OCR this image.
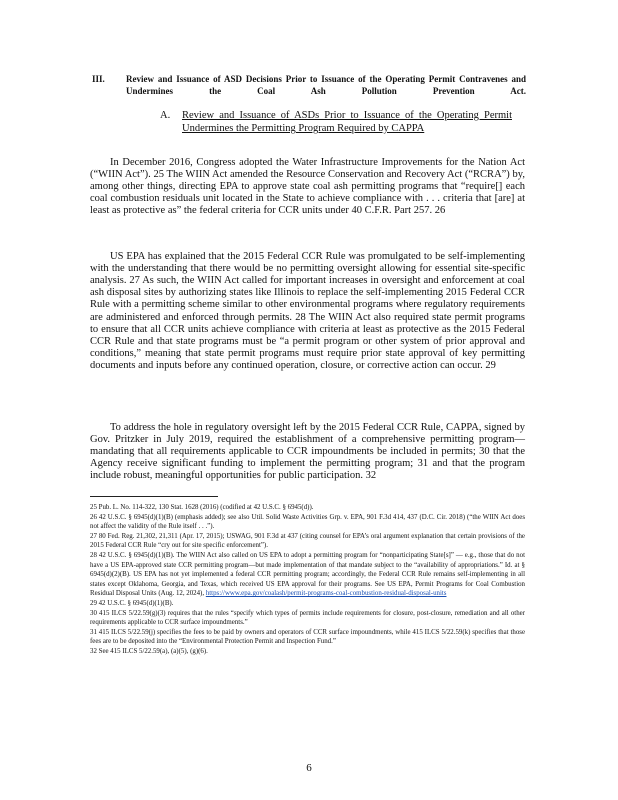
III. Review and Issuance of ASD Decisions Prior to Issuance of the Operating Permit Contravenes and Undermines the Coal Ash Pollution Prevention Act.
A. Review and Issuance of ASDs Prior to Issuance of the Operating Permit Undermines the Permitting Program Required by CAPPA

In December 2016, Congress adopted the Water Infrastructure Improvements for the Nation Act (“WIIN Act”). 25 The WIIN Act amended the Resource Conservation and Recovery Act (“RCRA”) by, among other things, directing EPA to approve state coal ash permitting programs that “require[] each coal combustion residuals unit located in the State to achieve compliance with . . . criteria that [are] at least as protective as” the federal criteria for CCR units under 40 C.F.R. Part 257. 26

US EPA has explained that the 2015 Federal CCR Rule was promulgated to be self-implementing with the understanding that there would be no permitting oversight allowing for essential site-specific analysis. 27 As such, the WIIN Act called for important increases in oversight and enforcement at coal ash disposal sites by authorizing states like Illinois to replace the self-implementing 2015 Federal CCR Rule with a permitting scheme similar to other environmental programs where regulatory requirements are administered and enforced through permits. 28 The WIIN Act also required state permit programs to ensure that all CCR units achieve compliance with criteria at least as protective as the 2015 Federal CCR Rule and that state programs must be “a permit program or other system of prior approval and conditions,” meaning that state permit programs must require prior state approval of key permitting documents and inputs before any continued operation, closure, or corrective action can occur. 29

To address the hole in regulatory oversight left by the 2015 Federal CCR Rule, CAPPA, signed by Gov. Pritzker in July 2019, required the establishment of a comprehensive permitting program—mandating that all requirements applicable to CCR impoundments be included in permits; 30 that the Agency receive significant funding to implement the permitting program; 31 and that the program include robust, meaningful opportunities for public participation. 32

25 Pub. L. No. 114-322, 130 Stat. 1628 (2016) (codified at 42 U.S.C. § 6945(d)).

26 42 U.S.C. § 6945(d)(1)(B) (emphasis added); see also Util. Solid Waste Activities Grp. v. EPA, 901 F.3d 414, 437 (D.C. Cir. 2018) (“the WIIN Act does not affect the validity of the Rule itself . . .”).

27 80 Fed. Reg. 21,302, 21,311 (Apr. 17, 2015); USWAG, 901 F.3d at 437 (citing counsel for EPA’s oral argument explanation that certain provisions of the 2015 Federal CCR Rule “cry out for site specific enforcement”).

28 42 U.S.C. § 6945(d)(1)(B). The WIIN Act also called on US EPA to adopt a permitting program for “nonparticipating State[s]” — e.g., those that do not have a US EPA-approved state CCR permitting program—but made implementation of that mandate subject to the “availability of appropriations.” Id. at § 6945(d)(2)(B). US EPA has not yet implemented a federal CCR permitting program; accordingly, the Federal CCR Rule remains self-implementing in all states except Oklahoma, Georgia, and Texas, which received US EPA approval for their programs. See US EPA, Permit Programs for Coal Combustion Residual Disposal Units (Aug. 12, 2024), https://www.epa.gov/coalash/permit-programs-coal-combustion-residual-disposal-units

29 42 U.S.C. § 6945(d)(1)(B).

30 415 ILCS 5/22.59(g)(3) requires that the rules “specify which types of permits include requirements for closure, post-closure, remediation and all other requirements applicable to CCR surface impoundments.”

31 415 ILCS 5/22.59(j) specifies the fees to be paid by owners and operators of CCR surface impoundments, while 415 ILCS 5/22.59(k) specifies that those fees are to be deposited into the “Environmental Protection Permit and Inspection Fund.”

32 See 415 ILCS 5/22.59(a), (a)(5), (g)(6).

6
